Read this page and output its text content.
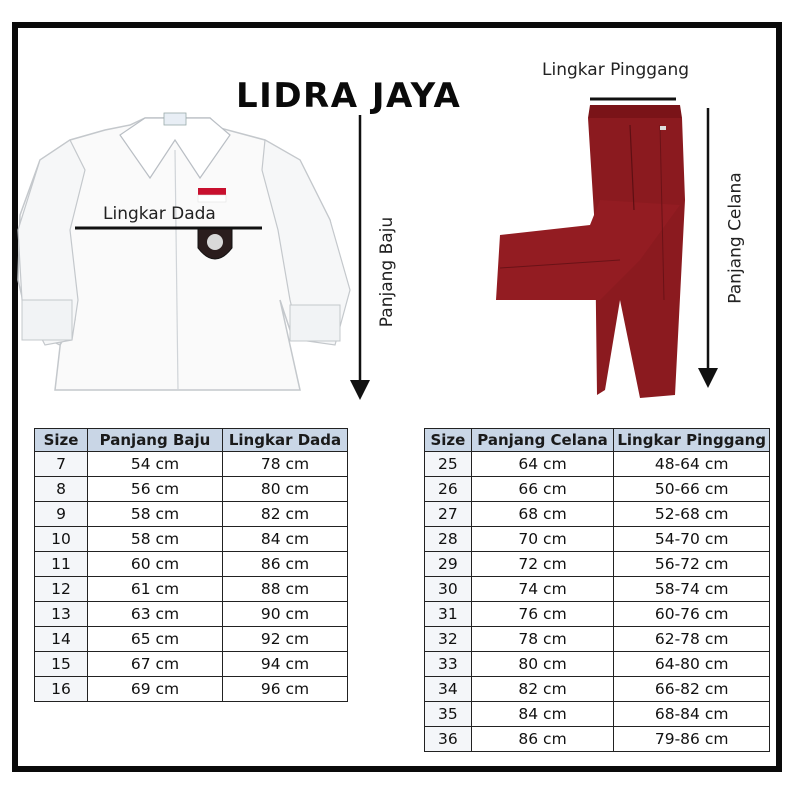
LIDRA JAYA
Lingkar Dada
Lingkar Pinggang
Panjang Baju	Panjang Celana
Size	Panjang Baju	Lingkar Dada
7	54 cm	78 cm
8	56 cm	80 cm
9	58 cm	82 cm
10	58 cm	84 cm
11	60 cm	86 cm
12	61 cm	88 cm
13	63 cm	90 cm
14	65 cm	92 cm
15	67 cm	94 cm
16	69 cm	96 cm
Size	Panjang Celana	Lingkar Pinggang
25	64 cm	48-64 cm
26	66 cm	50-66 cm
27	68 cm	52-68 cm
28	70 cm	54-70 cm
29	72 cm	56-72 cm
30	74 cm	58-74 cm
31	76 cm	60-76 cm
32	78 cm	62-78 cm
33	80 cm	64-80 cm
34	82 cm	66-82 cm
35	84 cm	68-84 cm
36	86 cm	79-86 cm
